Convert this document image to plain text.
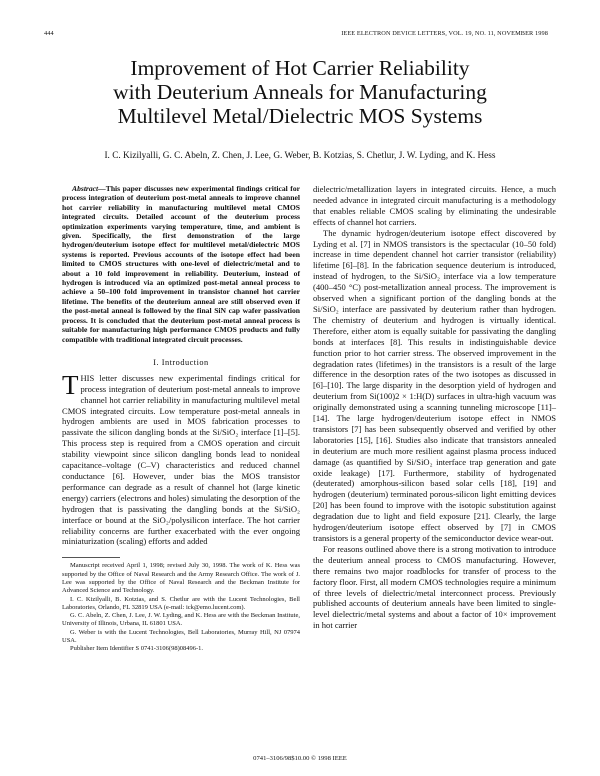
444	IEEE ELECTRON DEVICE LETTERS, VOL. 19, NO. 11, NOVEMBER 1998
Improvement of Hot Carrier Reliability
with Deuterium Anneals for Manufacturing
Multilevel Metal/Dielectric MOS Systems
I. C. Kizilyalli, G. C. Abeln, Z. Chen, J. Lee, G. Weber, B. Kotzias, S. Chetlur, J. W. Lyding, and K. Hess

Abstract—This paper discusses new experimental findings critical for process integration of deuterium post-metal anneals to improve channel hot carrier reliability in manufacturing multilevel metal CMOS integrated circuits. Detailed account of the deuterium process optimization experiments varying temperature, time, and ambient is given. Specifically, the first demonstration of the large hydrogen/deuterium isotope effect for multilevel metal/dielectric MOS systems is reported. Previous accounts of the isotope effect had been limited to CMOS structures with one-level of dielectric/metal and to about a 10 fold improvement in reliability. Deuterium, instead of hydrogen is introduced via an optimized post-metal anneal process to achieve a 50–100 fold improvement in transistor channel hot carrier lifetime. The benefits of the deuterium anneal are still observed even if the post-metal anneal is followed by the final SiN cap wafer passivation process. It is concluded that the deuterium post-metal anneal process is suitable for manufacturing high performance CMOS products and fully compatible with traditional integrated circuit processes.

I. Introduction

THIS letter discusses new experimental findings critical for process integration of deuterium post-metal anneals to improve channel hot carrier reliability in manufacturing multilevel metal CMOS integrated circuits. Low temperature post-metal anneals in hydrogen ambients are used in MOS fabrication processes to passivate the silicon dangling bonds at the Si/SiO₂ interface [1]–[5]. This process step is required from a CMOS operation and circuit stability viewpoint since silicon dangling bonds lead to nonideal capacitance–voltage (C–V) characteristics and reduced channel conductance [6]. However, under bias the MOS transistor performance can degrade as a result of channel hot (large kinetic energy) carriers (electrons and holes) simulating the desorption of the hydrogen that is passivating the dangling bonds at the Si/SiO₂ interface or bound at the SiO₂/polysilicon interface. The hot carrier reliability concerns are further exacerbated with the ever ongoing miniaturization (scaling) efforts and added

Manuscript received April 1, 1998; revised July 30, 1998. The work of K. Hess was supported by the Office of Naval Research and the Army Research Office. The work of J. Lee was supported by the Office of Naval Research and the Beckman Institute for Advanced Science and Technology.
I. C. Kizilyalli, B. Kotzias, and S. Chetlur are with the Lucent Technologies, Bell Laboratories, Orlando, FL 32819 USA (e-mail: ick@emo.lucent.com).
G. C. Abeln, Z. Chen, J. Lee, J. W. Lyding, and K. Hess are with the Beckman Institute, University of Illinois, Urbana, IL 61801 USA.
G. Weber is with the Lucent Technologies, Bell Laboratories, Murray Hill, NJ 07974 USA.
Publisher Item Identifier S 0741-3106(98)08496-1.

dielectric/metallization layers in integrated circuits. Hence, a much needed advance in integrated circuit manufacturing is a methodology that enables reliable CMOS scaling by eliminating the undesirable effects of channel hot carriers.

The dynamic hydrogen/deuterium isotope effect discovered by Lyding et al. [7] in NMOS transistors is the spectacular (10–50 fold) increase in time dependent channel hot carrier transistor (reliability) lifetime [6]–[8]. In the fabrication sequence deuterium is introduced, instead of hydrogen, to the Si/SiO₂ interface via a low temperature (400–450 °C) post-metallization anneal process. The improvement is observed when a significant portion of the dangling bonds at the Si/SiO₂ interface are passivated by deuterium rather than hydrogen. The chemistry of deuterium and hydrogen is virtually identical. Therefore, either atom is equally suitable for passivating the dangling bonds at interfaces [8]. This results in indistinguishable device function prior to hot carrier stress. The observed improvement in the degradation rates (lifetimes) in the transistors is a result of the large difference in the desorption rates of the two isotopes as discussed in [6]–[10]. The large disparity in the desorption yield of hydrogen and deuterium from Si(100)2 × 1:H(D) surfaces in ultra-high vacuum was originally demonstrated using a scanning tunneling microscope [11]–[14]. The large hydrogen/deuterium isotope effect in NMOS transistors [7] has been subsequently observed and verified by other laboratories [15], [16]. Studies also indicate that transistors annealed in deuterium are much more resilient against plasma process induced damage (as quantified by Si/SiO₂ interface trap generation and gate oxide leakage) [17]. Furthermore, stability of hydrogenated (deuterated) amorphous-silicon based solar cells [18], [19] and hydrogen (deuterium) terminated porous-silicon light emitting devices [20] has been found to improve with the isotopic substitution against degradation due to light and field exposure [21]. Clearly, the large hydrogen/deuterium isotope effect observed by [7] in CMOS transistors is a general property of the semiconductor device wear-out.

For reasons outlined above there is a strong motivation to introduce the deuterium anneal process to CMOS manufacturing. However, there remains two major roadblocks for transfer of process to the factory floor. First, all modern CMOS technologies require a minimum of three levels of dielectric/metal interconnect process. Previously published accounts of deuterium anneals have been limited to single-level dielectric/metal systems and about a factor of 10× improvement in hot carrier

0741–3106/98$10.00 © 1998 IEEE
